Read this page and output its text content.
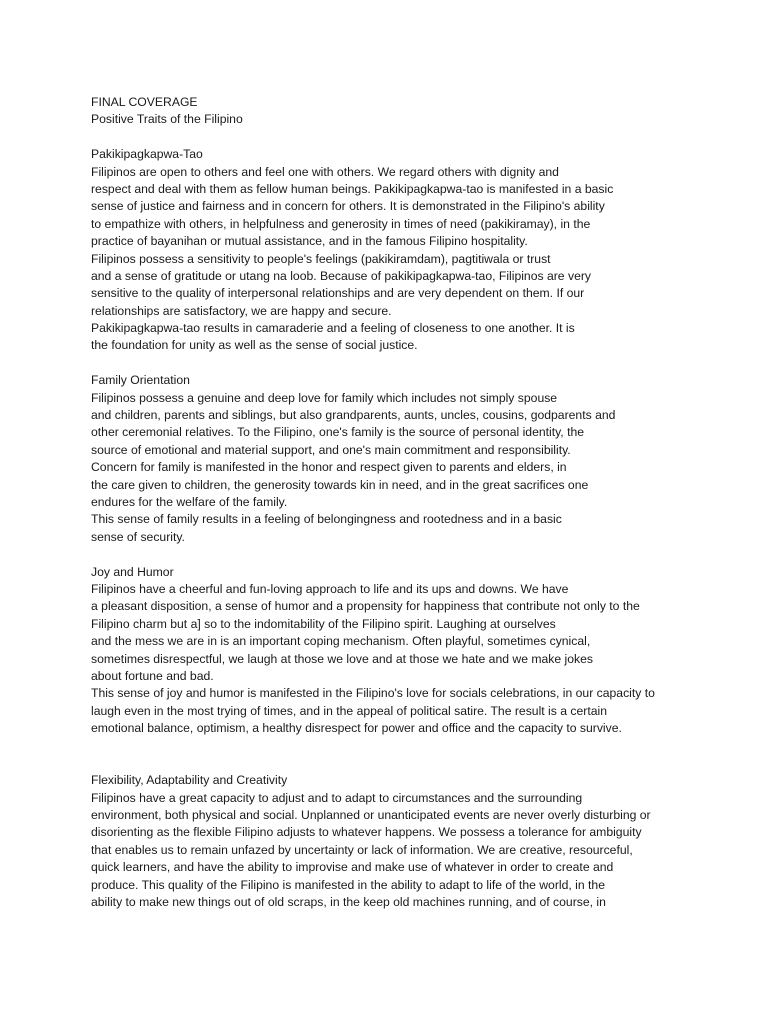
FINAL COVERAGE
Positive Traits of the Filipino
Pakikipagkapwa-Tao
Filipinos are open to others and feel one with others. We regard others with dignity and
respect and deal with them as fellow human beings. Pakikipagkapwa-tao is manifested in a basic
sense of justice and fairness and in concern for others. It is demonstrated in the Filipino's ability
to empathize with others, in helpfulness and generosity in times of need (pakikiramay), in the
practice of bayanihan or mutual assistance, and in the famous Filipino hospitality.
Filipinos possess a sensitivity to people's feelings (pakikiramdam), pagtitiwala or trust
and a sense of gratitude or utang na loob. Because of pakikipagkapwa-tao, Filipinos are very
sensitive to the quality of interpersonal relationships and are very dependent on them. If our
relationships are satisfactory, we are happy and secure.
Pakikipagkapwa-tao results in camaraderie and a feeling of closeness to one another. It is
the foundation for unity as well as the sense of social justice.
Family Orientation
Filipinos possess a genuine and deep love for family which includes not simply spouse
and children, parents and siblings, but also grandparents, aunts, uncles, cousins, godparents and
other ceremonial relatives. To the Filipino, one's family is the source of personal identity, the
source of emotional and material support, and one's main commitment and responsibility.
Concern for family is manifested in the honor and respect given to parents and elders, in
the care given to children, the generosity towards kin in need, and in the great sacrifices one
endures for the welfare of the family.
This sense of family results in a feeling of belongingness and rootedness and in a basic
sense of security.
Joy and Humor
Filipinos have a cheerful and fun-loving approach to life and its ups and downs. We have
a pleasant disposition, a sense of humor and a propensity for happiness that contribute not only to the
Filipino charm but a] so to the indomitability of the Filipino spirit. Laughing at ourselves
and the mess we are in is an important coping mechanism. Often playful, sometimes cynical,
sometimes disrespectful, we laugh at those we love and at those we hate and we make jokes
about fortune and bad.
This sense of joy and humor is manifested in the Filipino's love for socials celebrations, in our capacity to
laugh even in the most trying of times, and in the appeal of political satire. The result is a certain
emotional balance, optimism, a healthy disrespect for power and office and the capacity to survive.
Flexibility, Adaptability and Creativity
Filipinos have a great capacity to adjust and to adapt to circumstances and the surrounding
environment, both physical and social. Unplanned or unanticipated events are never overly disturbing or
disorienting as the flexible Filipino adjusts to whatever happens. We possess a tolerance for ambiguity
that enables us to remain unfazed by uncertainty or lack of information. We are creative, resourceful,
quick learners, and have the ability to improvise and make use of whatever in order to create and
produce. This quality of the Filipino is manifested in the ability to adapt to life of the world, in the
ability to make new things out of old scraps, in the keep old machines running, and of course, in
